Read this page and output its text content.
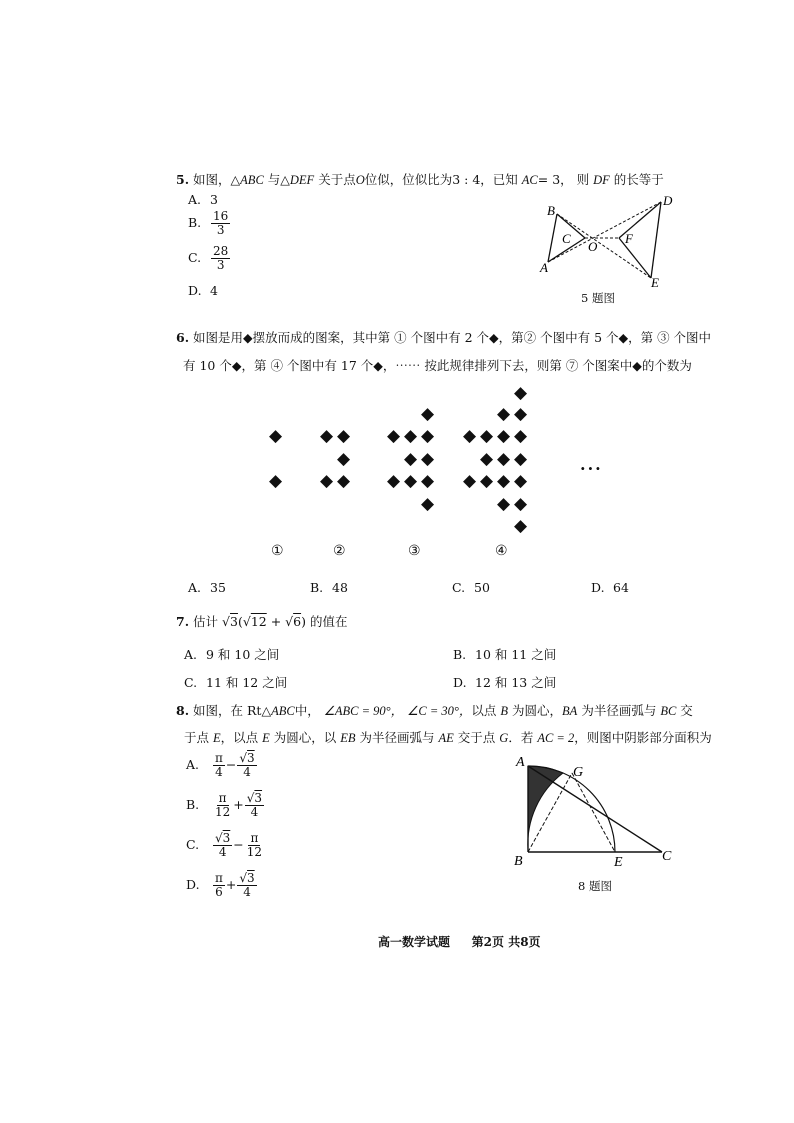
5. 如图，△ABC 与△DEF 关于点O位似，位似比为3 : 4，已知 AC= 3， 则 DF 的长等于
A. 3
B. $\frac{16}{3}$
C. $\frac{28}{3}$
D. 4
B
C
A
O
F
D
E
5 题图
6. 如图是用◆摆放而成的图案，其中第 ① 个图中有 2 个◆，第② 个图中有 5 个◆，第 ③ 个图中
有 10 个◆，第 ④ 个图中有 17 个◆，⋯⋯ 按此规律排列下去，则第 ⑦ 个图案中◆的个数为
◆
◆
◆ ◆
◆
◆ ◆
◆
◆ ◆ ◆
◆ ◆
◆ ◆ ◆
◆
◆
◆ ◆
◆ ◆ ◆ ◆
◆ ◆ ◆
◆ ◆ ◆ ◆
◆ ◆
◆
···
①	②	③	④
A. 35	B. 48	C. 50	D. 64
7. 估计 √3(√12 + √6) 的值在
A. 9 和 10 之间	B. 10 和 11 之间
C. 11 和 12 之间	D. 12 和 13 之间
8. 如图，在 Rt△ABC中， ∠ABC = 90°， ∠C = 30°，以点 B 为圆心，BA 为半径画弧与 BC 交
于点 E，以点 E 为圆心，以 EB 为半径画弧与 AE 交于点 G．若 AC = 2，则图中阴影部分面积为
A. $\frac{\pi}{4} - \frac{√3}{4}$
B. $\frac{\pi}{12} + \frac{√3}{4}$
C. $\frac{√3}{4} - \frac{\pi}{12}$
D. $\frac{\pi}{6} + \frac{√3}{4}$
A
G
B	E	C
8 题图
高一数学试题 第2页 共8页
